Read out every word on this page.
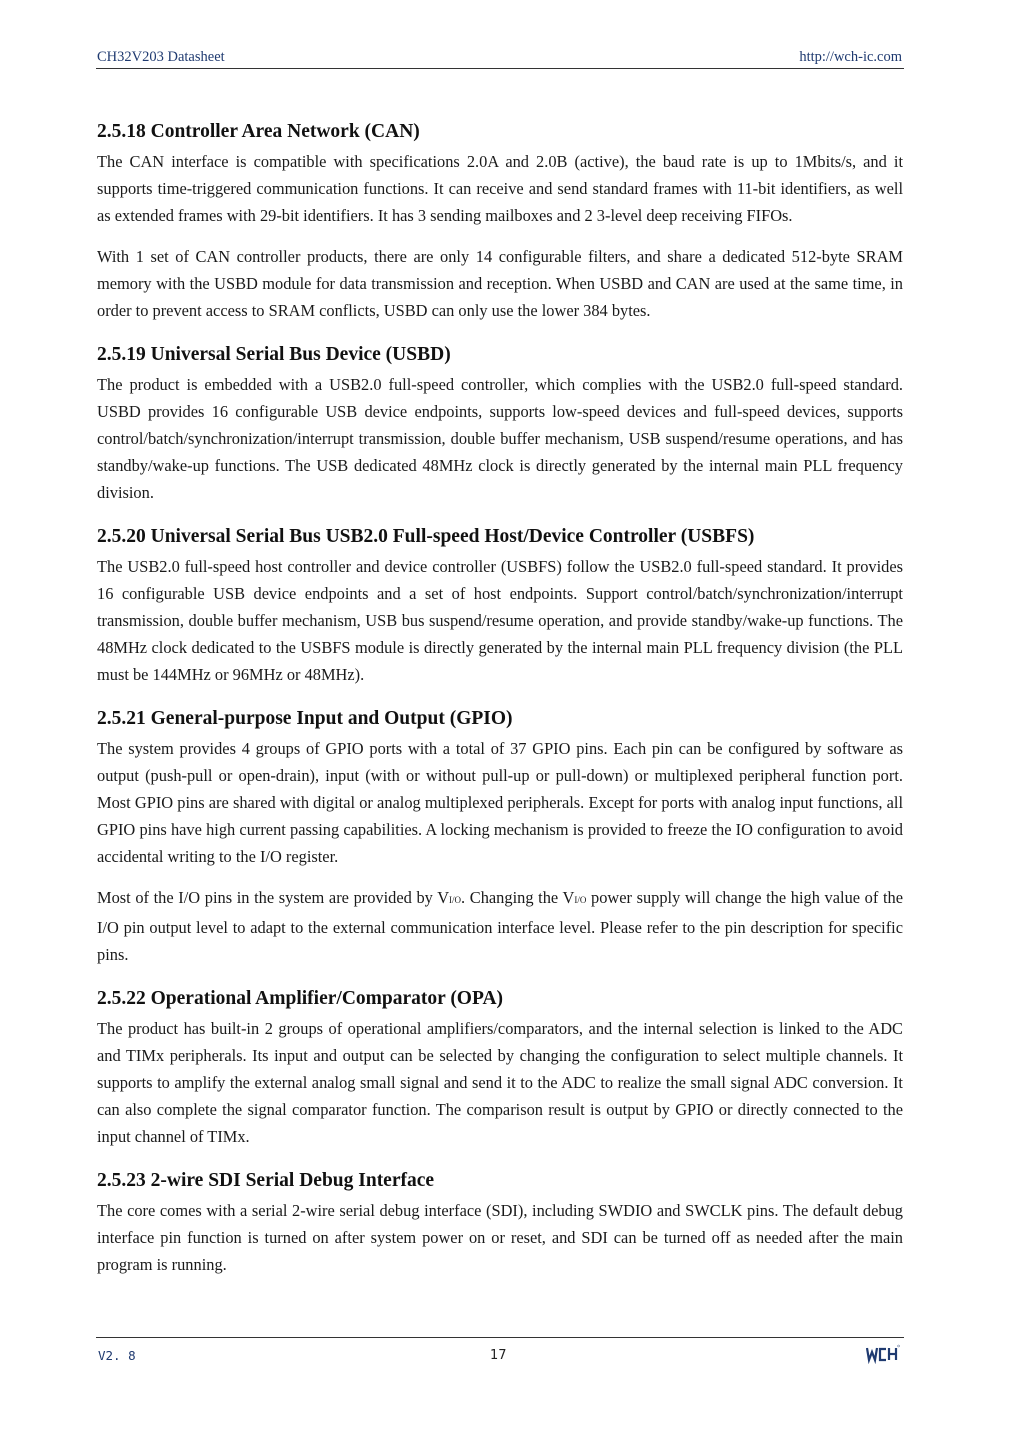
CH32V203 Datasheet	http://wch-ic.com
2.5.18 Controller Area Network (CAN)

The CAN interface is compatible with specifications 2.0A and 2.0B (active), the baud rate is up to 1Mbits/s, and it supports time-triggered communication functions. It can receive and send standard frames with 11-bit identifiers, as well as extended frames with 29-bit identifiers. It has 3 sending mailboxes and 2 3-level deep receiving FIFOs.

With 1 set of CAN controller products, there are only 14 configurable filters, and share a dedicated 512-byte SRAM memory with the USBD module for data transmission and reception. When USBD and CAN are used at the same time, in order to prevent access to SRAM conflicts, USBD can only use the lower 384 bytes.

2.5.19 Universal Serial Bus Device (USBD)

The product is embedded with a USB2.0 full-speed controller, which complies with the USB2.0 full-speed standard. USBD provides 16 configurable USB device endpoints, supports low-speed devices and full-speed devices, supports control/batch/synchronization/interrupt transmission, double buffer mechanism, USB suspend/resume operations, and has standby/wake-up functions. The USB dedicated 48MHz clock is directly generated by the internal main PLL frequency division.

2.5.20 Universal Serial Bus USB2.0 Full-speed Host/Device Controller (USBFS)

The USB2.0 full-speed host controller and device controller (USBFS) follow the USB2.0 full-speed standard. It provides 16 configurable USB device endpoints and a set of host endpoints. Support control/batch/synchronization/interrupt transmission, double buffer mechanism, USB bus suspend/resume operation, and provide standby/wake-up functions. The 48MHz clock dedicated to the USBFS module is directly generated by the internal main PLL frequency division (the PLL must be 144MHz or 96MHz or 48MHz).

2.5.21 General-purpose Input and Output (GPIO)

The system provides 4 groups of GPIO ports with a total of 37 GPIO pins. Each pin can be configured by software as output (push-pull or open-drain), input (with or without pull-up or pull-down) or multiplexed peripheral function port. Most GPIO pins are shared with digital or analog multiplexed peripherals. Except for ports with analog input functions, all GPIO pins have high current passing capabilities. A locking mechanism is provided to freeze the IO configuration to avoid accidental writing to the I/O register.

Most of the I/O pins in the system are provided by VI/O. Changing the VI/O power supply will change the high value of the I/O pin output level to adapt to the external communication interface level. Please refer to the pin description for specific pins.

2.5.22 Operational Amplifier/Comparator (OPA)

The product has built-in 2 groups of operational amplifiers/comparators, and the internal selection is linked to the ADC and TIMx peripherals. Its input and output can be selected by changing the configuration to select multiple channels. It supports to amplify the external analog small signal and send it to the ADC to realize the small signal ADC conversion. It can also complete the signal comparator function. The comparison result is output by GPIO or directly connected to the input channel of TIMx.

2.5.23 2-wire SDI Serial Debug Interface

The core comes with a serial 2-wire serial debug interface (SDI), including SWDIO and SWCLK pins. The default debug interface pin function is turned on after system power on or reset, and SDI can be turned off as needed after the main program is running.

V2. 8	17
